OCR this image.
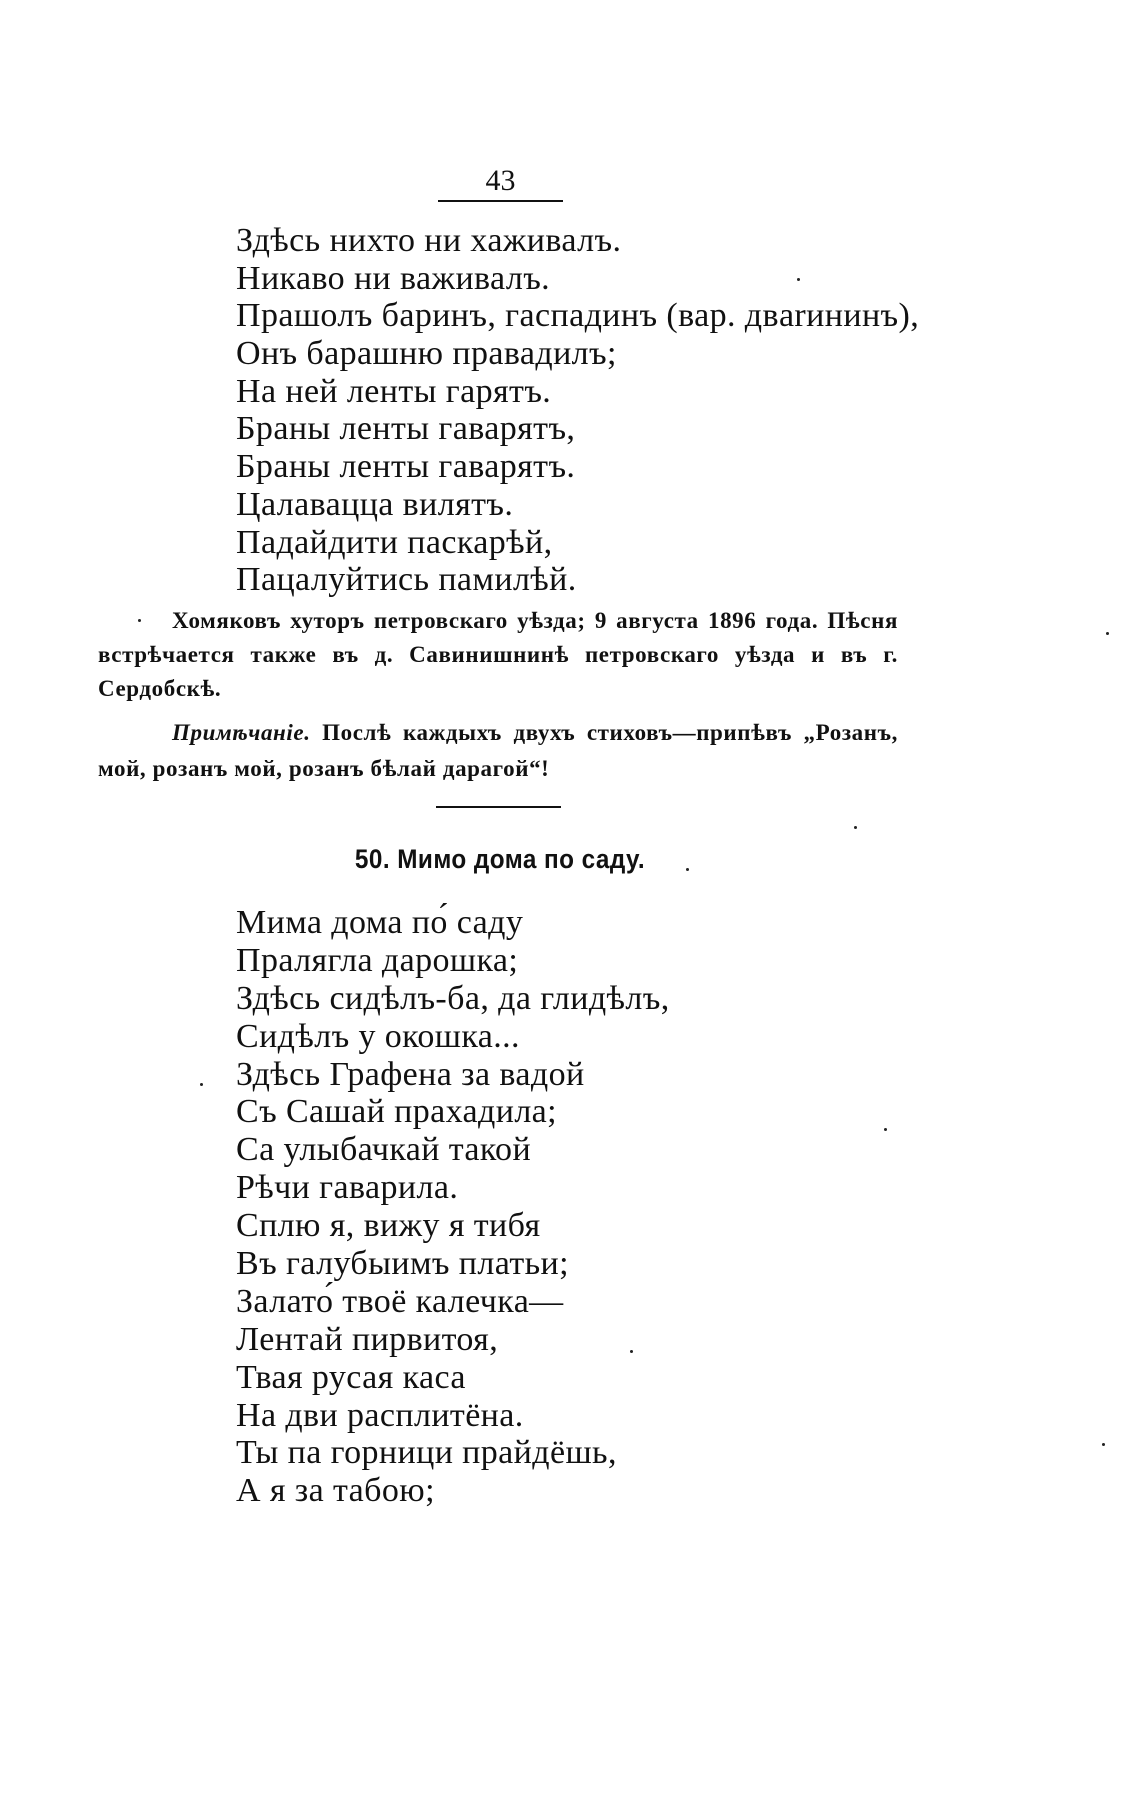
43
Здѣсь нихто ни хаживалъ.
Никаво ни важивалъ.
Прашолъ баринъ, гаспадинъ (вар. двarининъ),
Онъ барашню правадилъ;
На ней ленты гарятъ.
Браны ленты гаварятъ,
Браны ленты гаварятъ.
Цалавацца вилятъ.
Падайдити паскарѣй,
Пацалуйтись памилѣй.

Хомяковъ хуторъ петровскаго уѣзда; 9 августа 1896 года. Пѣсня встрѣчается также въ д. Савинишнинѣ петровскаго уѣзда и въ г. Сердобскѣ.

Примѣчаніе. Послѣ каждыхъ двухъ стиховъ—припѣвъ „Розанъ, мой, розанъ мой, розанъ бѣлай дарагой“!

50. Мимо дома по саду.
Мима дома по́ саду
Пралягла дарошка;
Здѣсь сидѣлъ-ба, да глидѣлъ,
Сидѣлъ у окошка...
Здѣсь Графена за вадой
Съ Сашай прахадила;
Са улыбачкай такой
Рѣчи гаварила.
Сплю я, вижу я тибя
Въ галубыимъ платьи;
Залато́ твоё калечка—
Лентай пирвитоя,
Твая русая каса
На дви расплитёна.
Ты па горници прайдёшь,
А я за табою;
